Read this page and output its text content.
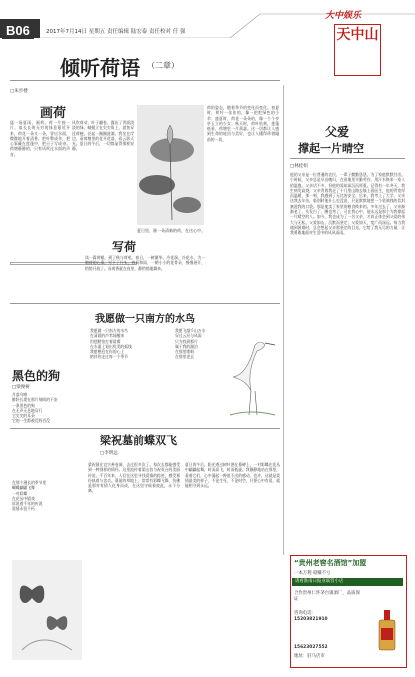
B06	2017年7月14日 星期五 责任编辑 陆宏泰 责任校对 任 强
大中娱乐
天中山
倾听荷语 （二章）
□朱步楼
画荷
猛一场夏雨，画荷。荷一片接一片，似长长的无穷的绿意蔓延开来，荷花一朵又一朵，冒出水面，微微地开着清香，把叶擎成伞，把心事藏在莲蓬中，把日子写成诗。荷塘静静的，只有风吹过水面的声音。
风吹荷动，叶子翻卷，露出了背面淡淡的绿。蜻蜓立在尖尖角上，游鱼穿过荷梗，泛起一圈圈涟漪。我坐在岸边，看荷塘里的花开花落，看云影天光。夏日的午后，一切都显得那样安静。
夏日里，画一朵清新的荷，在这心中。
荷的姿态，随着季节的变化而变化。初夏时，荷叶一张张的，像一把把绿色的小伞；盛夏时，荷花一朵朵的，像一个个亭亭玉立的少女；秋天时，荷叶枯黄，莲蓬低垂，荷塘里一片萧瑟。这一切都让人感到生命的轮回与美好，也让人懂得珍惜眼前的一切。
写荷
读一篇荷赋，到了秋与荷苑。春日，一树繁华，冷花涧，冷花水，为一朝荷的心事。写下了片头，春风和雨，一朝小小的花骨朵，慢慢展开，悄悄开放了。而荷香就在夜里，静悄悄地飘来。
我愿做一只南方的水鸟
黑色的狗
□梁俊树
月落乌啼
醉卧长堤在那片刻间的不安
一条黑色的狗
在无声无息地穿行
它尖尖的耳朵
它的一生都被荒野吞没
我愿做一只南方的水鸟
在清晨的芦苇间醒来
用翅膀拍打着晨雾
在水面上划出优美的弧线
我愿栖息在你的心上
陪伴你走过每一个季节
我愿飞越千山万水
穿过云层与风雨
只为找到那片
属于我的湖泊
在那里歌唱
在那里老去
梁祝墓前蝶双飞
□李明远
在那个漫长的季节里
蝴蝶翩翩飞舞
一对彩蝶
在花丛中嬉戏
诉说着千年的传说
爱情永恒不朽
梁祝墓在宜兴善卷洞，去过很多次了。每次去都能感受到一种别样的情怀。这里流传着梁山伯与祝英台的美丽传说，千百年来，人们在这里寻找爱情的踪迹，感受那份执着与忠贞。墓前的草地上，常常有彩蝶飞舞，仿佛是那对有情人化身而成，在这里守候着彼此，永不分离。
夏日的午后，阳光透过树叶洒在墓碑上，一对彩蝶在花丛中翩翩起舞，时而高飞，时而低旋。我静静地站在那里，看着它们，心中涌起一种说不出的感动。也许，这就是爱情最美的样子，不论生死，不论时空，只要心中有爱，就能相守到永远。
父爱
撑起一片晴空
□林桂娟
他的父亲是一位普通的农民，一辈子勤勤恳恳，为了家庭默默付出。小时候，父亲总是早出晚归，在田地里辛勤劳作，用汗水换来一家人的温饱。父亲话不多，但他的爱却深沉而厚重。记得有一年冬天，我生病发高烧，父亲背着我走了十几里山路去镇上看医生，他的背宽厚而温暖，那一刻，我感到了无比的安全。后来，我考上了大学，父亲送我去车站，临别时他什么也没说，只是默默地把一个装满钱的信封塞进我的口袋。那是他卖了家里的粮食换来的。多年过去了，父亲渐渐老了，头发白了，腰也弯了，可在我心中，他永远是那个为我撑起一片晴空的人。如今，我也成为了一名父亲，才真正体会到父爱的伟大与无私。父爱如山，沉默而坚定；父爱如天，宽广而深远。每当我遇到困难时，总会想起父亲那坚定的目光，它给了我无尽的力量，让我勇敢地面对生活中的风风雨雨。
“贵州老窖名酒馆”加盟
一本万利 稳赚不亏
请看淮南日报业联营小店
合作贵州仁怀茅台镇酒厂，品质保证
咨询电话：
15203821910
15623027552
地址：驻马店市
